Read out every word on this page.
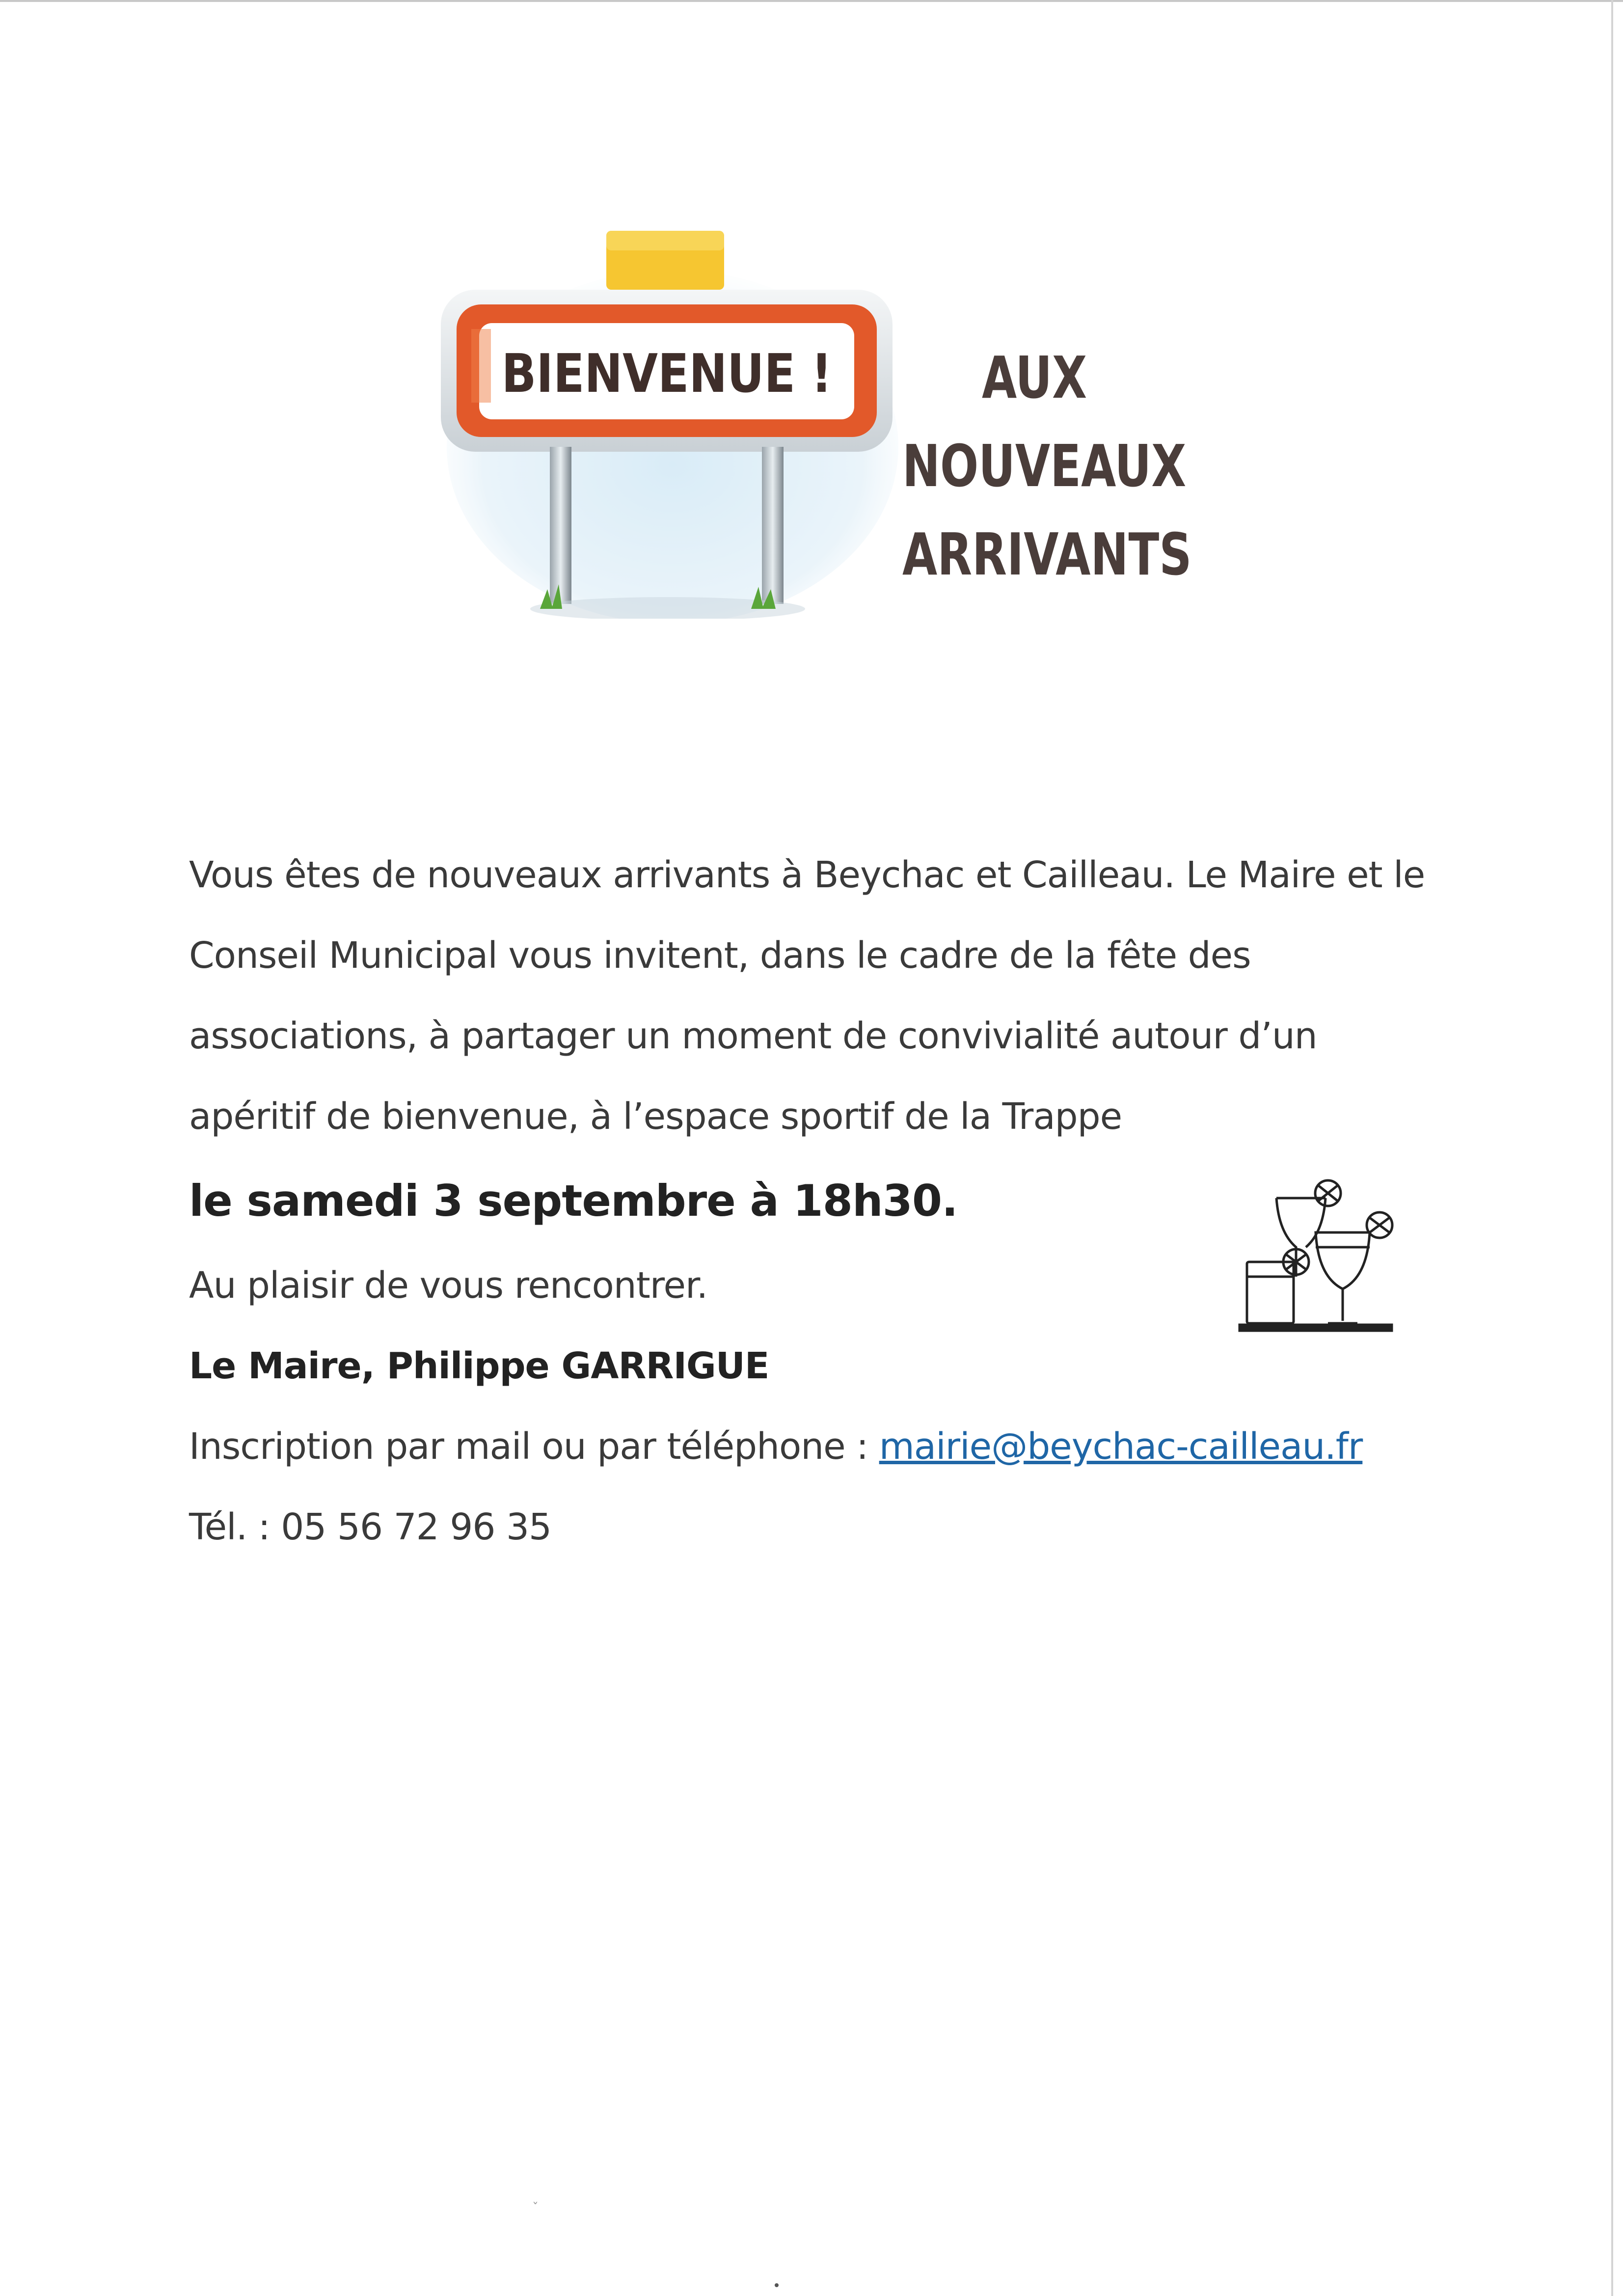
BIENVENUE !	AUX
NOUVEAUX
ARRIVANTS

Vous êtes de nouveaux arrivants à Beychac et Cailleau. Le Maire et le

Conseil Municipal vous invitent, dans le cadre de la fête des

associations, à partager un moment de convivialité autour d’un

apéritif de bienvenue, à l’espace sportif de la Trappe

le samedi 3 septembre à 18h30.

Au plaisir de vous rencontrer.

Le Maire, Philippe GARRIGUE

Inscription par mail ou par téléphone : mairie@beychac-cailleau.fr

Tél. : 05 56 72 96 35

ˇ
